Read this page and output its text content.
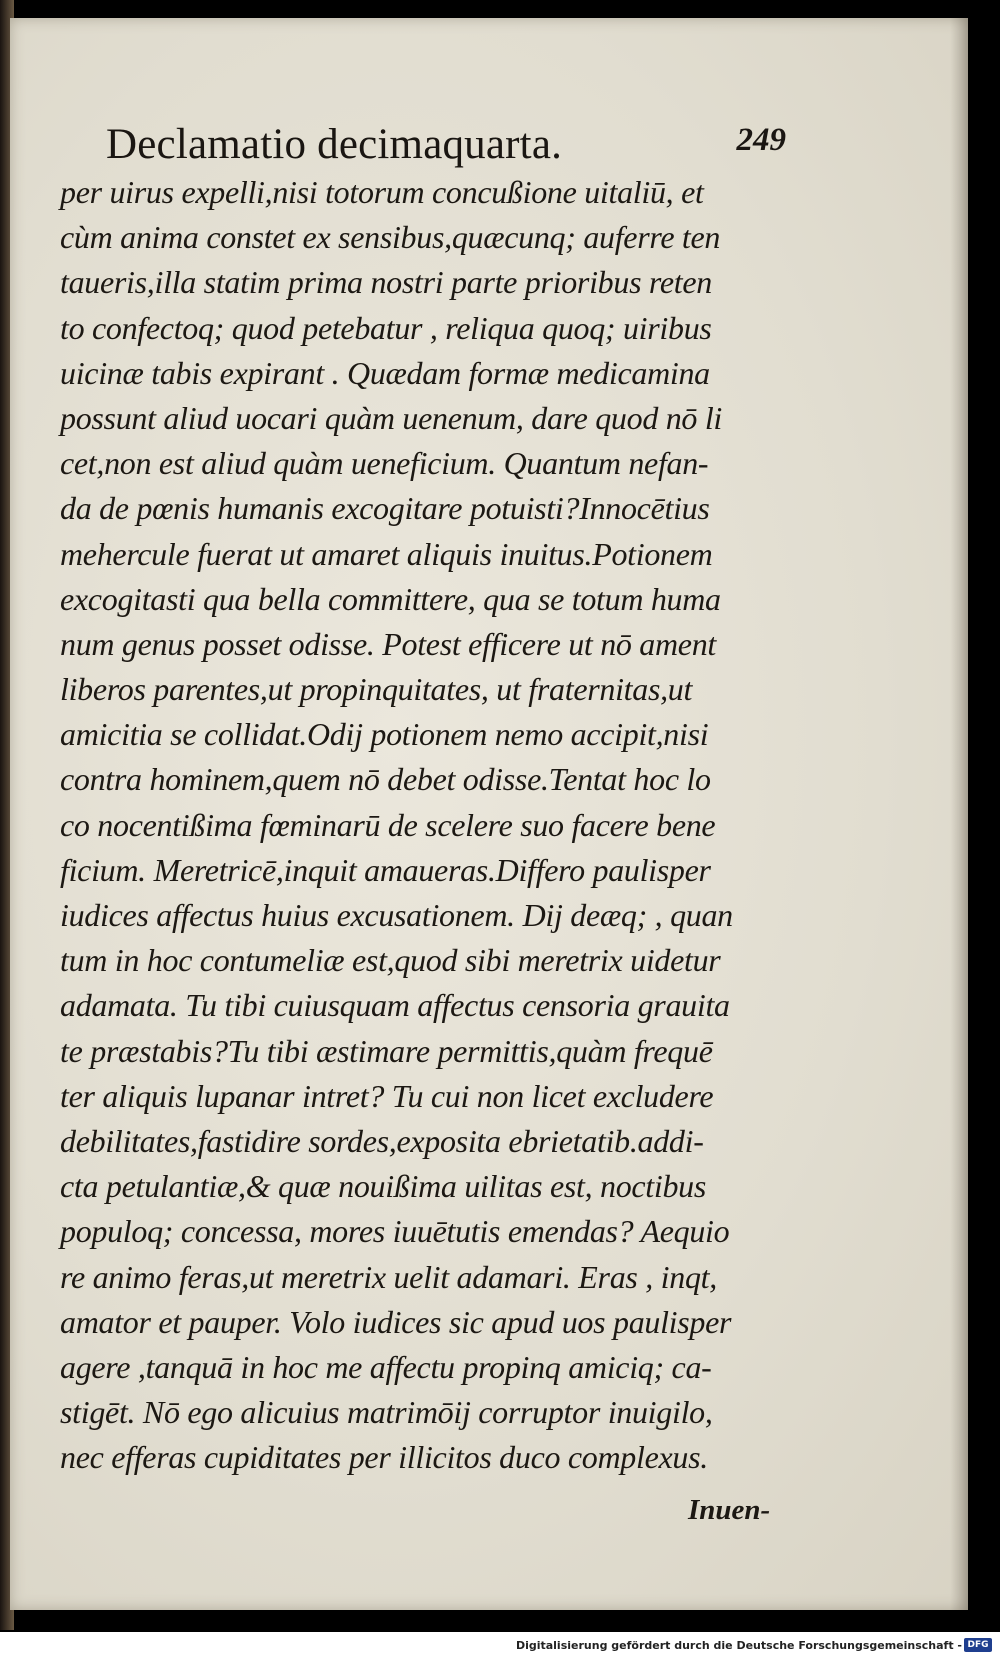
Declamatio decimaquarta.	249
per uirus expelli,nisi totorum concußione uitaliū, et
cùm anima constet ex sensibus,quæcunq; auferre ten
taueris,illa statim prima nostri parte prioribus reten
to confectoq; quod petebatur , reliqua quoq; uiribus
uicinæ tabis expirant . Quædam formæ medicamina
possunt aliud uocari quàm uenenum, dare quod nō li
cet,non est aliud quàm ueneficium. Quantum nefan-
da de pœnis humanis excogitare potuisti?Innocētius
mehercule fuerat ut amaret aliquis inuitus.Potionem
excogitasti qua bella committere, qua se totum huma
num genus posset odisse. Potest efficere ut nō ament
liberos parentes,ut propinquitates, ut fraternitas,ut
amicitia se collidat.Odij potionem nemo accipit,nisi
contra hominem,quem nō debet odisse.Tentat hoc lo
co nocentißima fœminarū de scelere suo facere bene
ficium. Meretricē,inquit amaueras.Differo paulisper
iudices affectus huius excusationem. Dij deæq; , quan
tum in hoc contumeliæ est,quod sibi meretrix uidetur
adamata. Tu tibi cuiusquam affectus censoria grauita
te præstabis?Tu tibi æstimare permittis,quàm frequē
ter aliquis lupanar intret? Tu cui non licet excludere
debilitates,fastidire sordes,exposita ebrietatib.addi-
cta petulantiæ,& quæ nouißima uilitas est, noctibus
populoq; concessa, mores iuuētutis emendas? Aequio
re animo feras,ut meretrix uelit adamari. Eras , inqt,
amator et pauper. Volo iudices sic apud uos paulisper
agere ,tanquā in hoc me affectu propinq amiciq; ca-
stigēt. Nō ego alicuius matrimōij corruptor inuigilo,
nec efferas cupiditates per illicitos duco complexus.
Inuen-
Digitalisierung gefördert durch die Deutsche Forschungsgemeinschaft - DFG
